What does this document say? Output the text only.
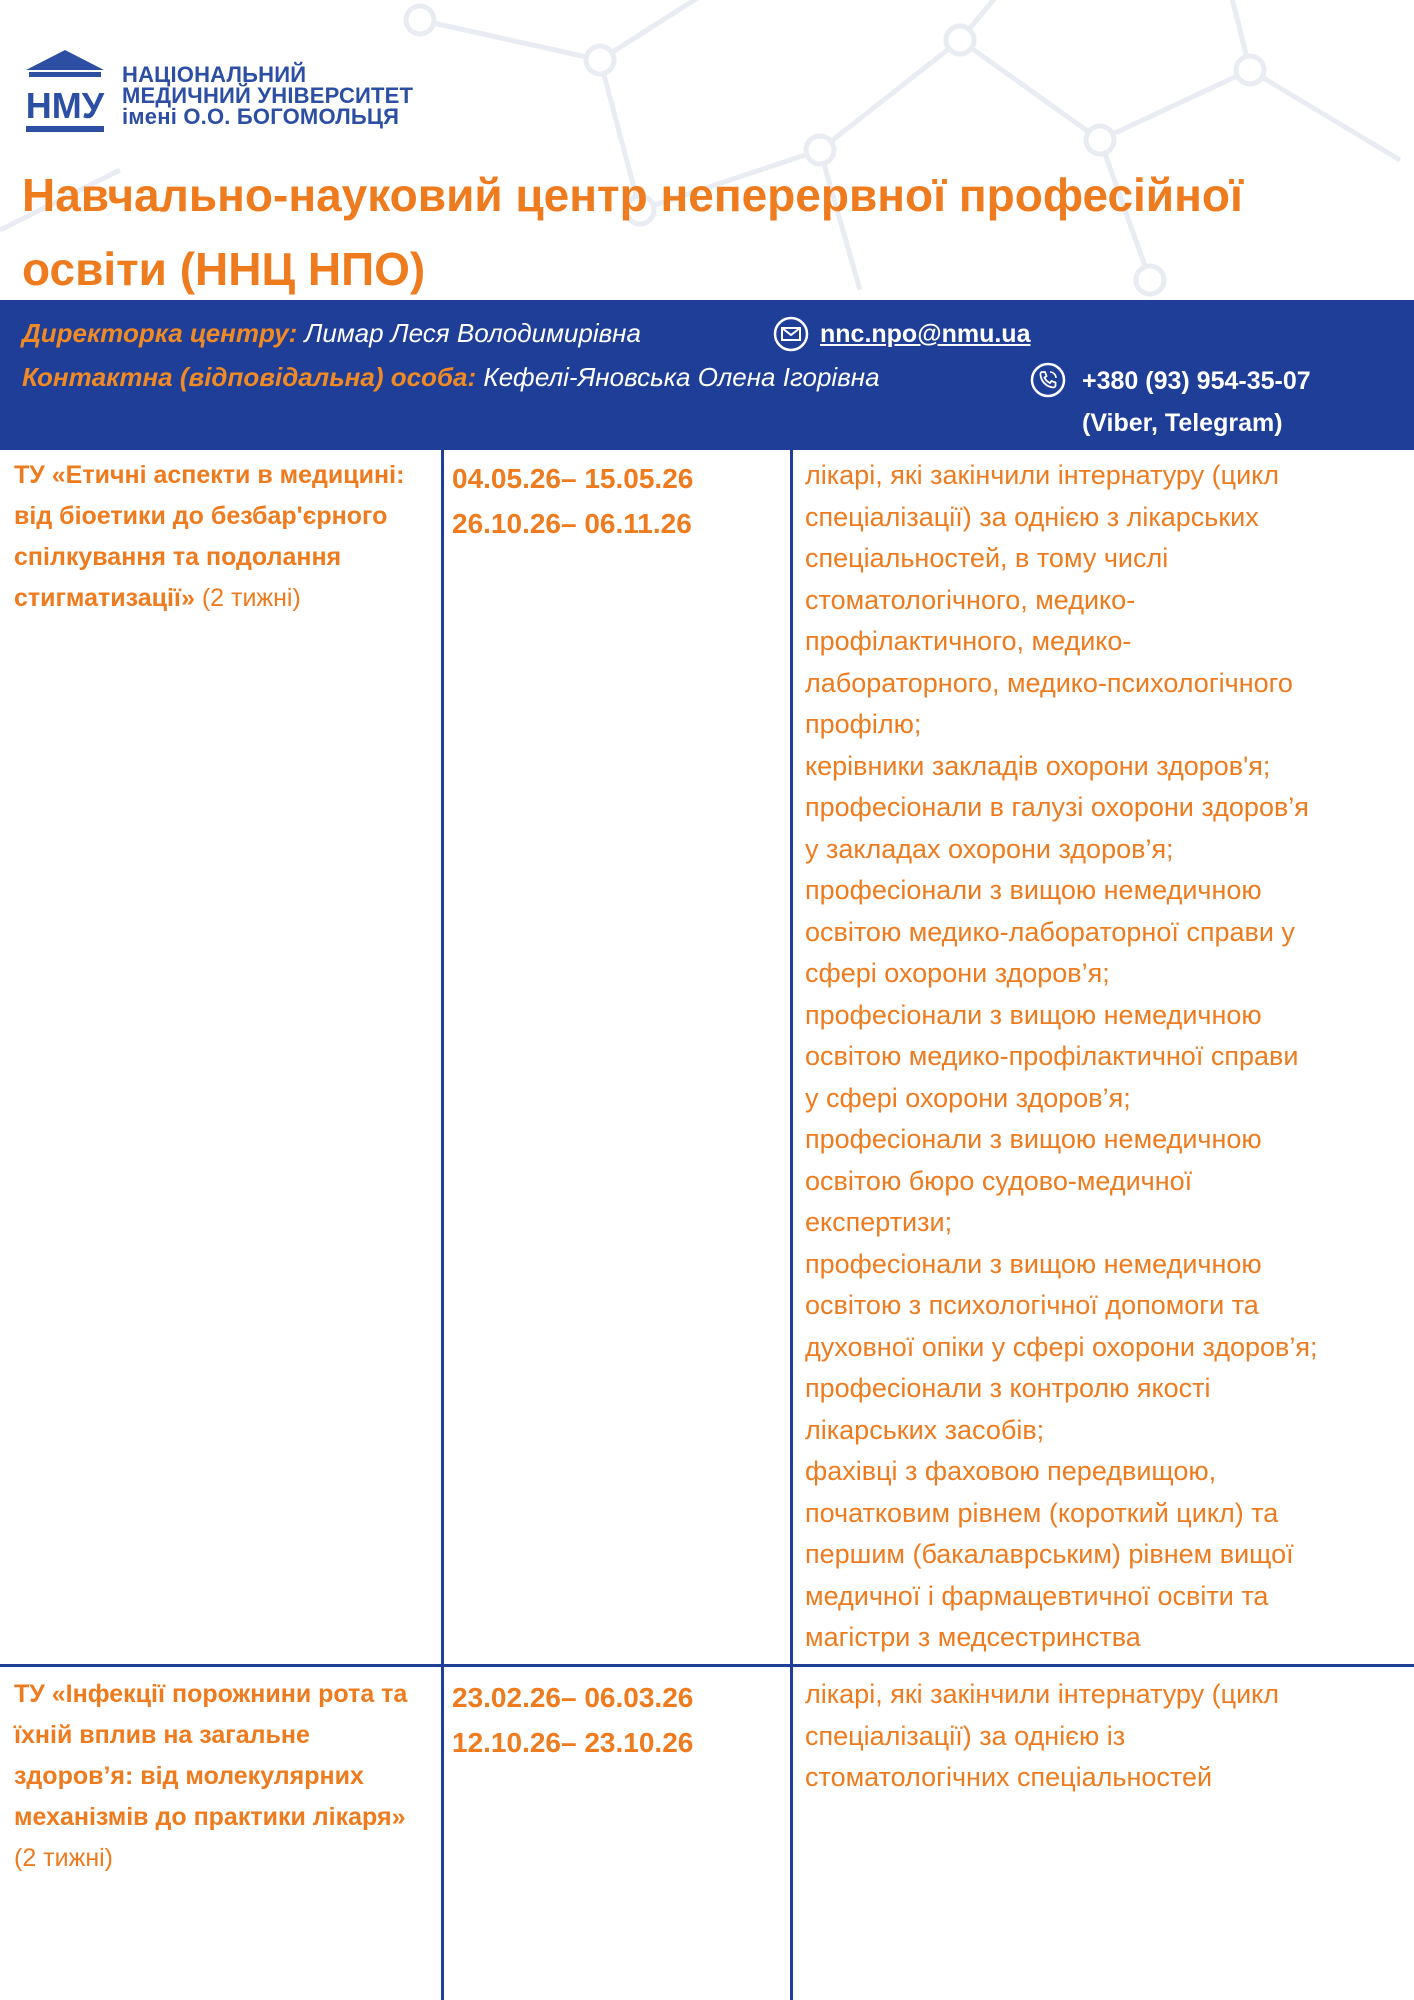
НМУ
НАЦІОНАЛЬНИЙ
МЕДИЧНИЙ УНІВЕРСИТЕТ
імені О.О. БОГОМОЛЬЦЯ
Навчально-науковий центр неперервної професійної освіти (ННЦ НПО)
Директорка центру: Лимар Леся Володимирівна	nnc.npo@nmu.ua
Контактна (відповідальна) особа: Кефелі-Яновська Олена Ігорівна	+380 (93) 954-35-07
(Viber, Telegram)
ТУ «Етичні аспекти в медицині: від біоетики до безбар'єрного спілкування та подолання стигматизації» (2 тижні)
04.05.26– 15.05.26
26.10.26– 06.11.26
лікарі, які закінчили інтернатуру (цикл
спеціалізації) за однією з лікарських
спеціальностей, в тому числі
стоматологічного, медико-
профілактичного, медико-
лабораторного, медико-психологічного
профілю;
керівники закладів охорони здоров'я;
професіонали в галузі охорони здоров’я
у закладах охорони здоров’я;
професіонали з вищою немедичною
освітою медико-лабораторної справи у
сфері охорони здоров’я;
професіонали з вищою немедичною
освітою медико-профілактичної справи
у сфері охорони здоров’я;
професіонали з вищою немедичною
освітою бюро судово-медичної
експертизи;
професіонали з вищою немедичною
освітою з психологічної допомоги та
духовної опіки у сфері охорони здоров’я;
професіонали з контролю якості
лікарських засобів;
фахівці з фаховою передвищою,
початковим рівнем (короткий цикл) та
першим (бакалаврським) рівнем вищої
медичної і фармацевтичної освіти та
магістри з медсестринства
ТУ «Інфекції порожнини рота та їхній вплив на загальне здоров’я: від молекулярних механізмів до практики лікаря» (2 тижні)
23.02.26– 06.03.26
12.10.26– 23.10.26
лікарі, які закінчили інтернатуру (цикл
спеціалізації) за однією із
стоматологічних спеціальностей
